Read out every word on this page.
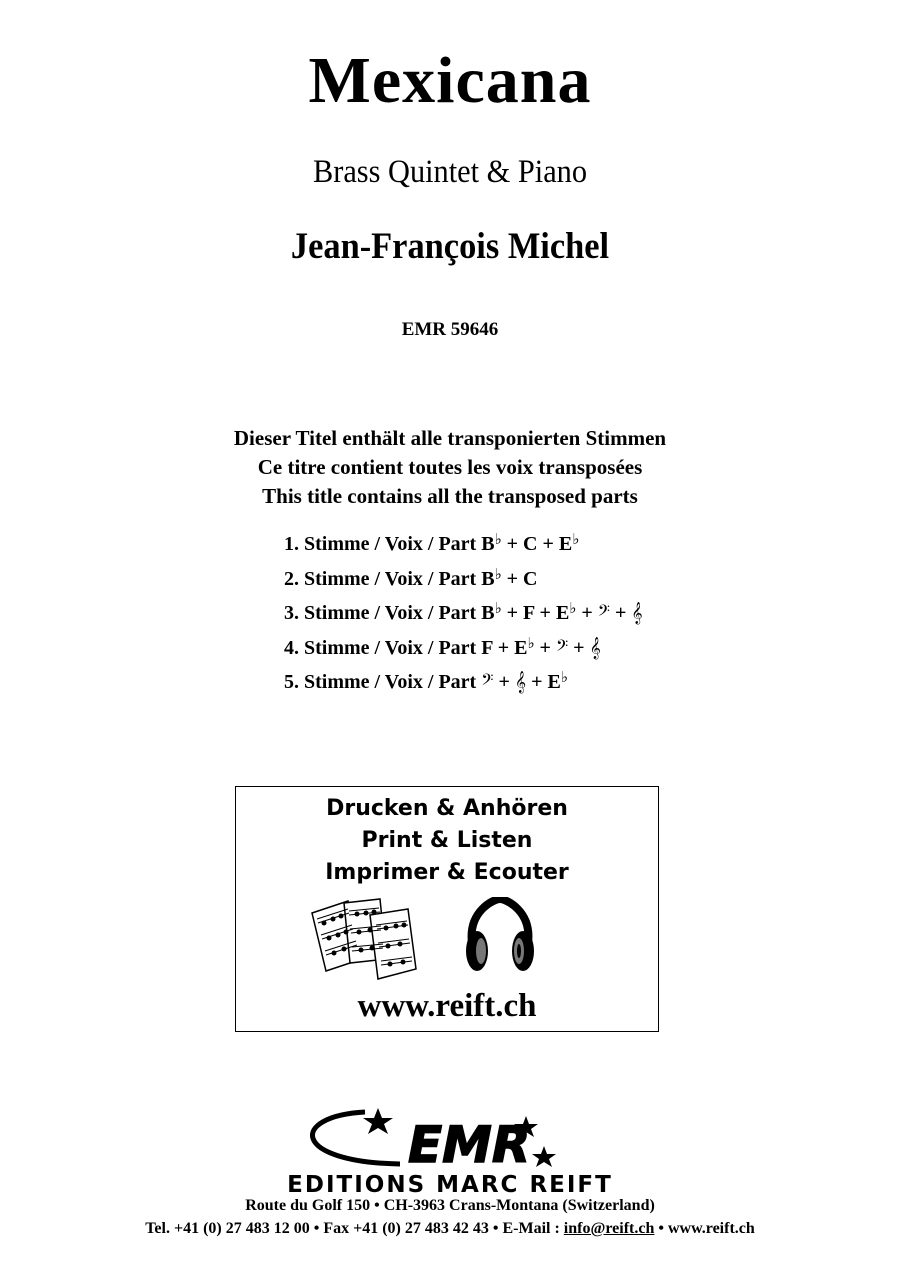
Mexicana
Brass Quintet & Piano
Jean-François Michel
EMR 59646
Dieser Titel enthält alle transponierten Stimmen
Ce titre contient toutes les voix transposées
This title contains all the transposed parts
1. Stimme / Voix / Part B♭ + C + E♭
2. Stimme / Voix / Part B♭ + C
3. Stimme / Voix / Part B♭ + F + E♭ + 𝄢 + 𝄞
4. Stimme / Voix / Part F + E♭ + 𝄢 + 𝄞
5. Stimme / Voix / Part 𝄢 + 𝄞 + E♭
Drucken & Anhören
Print & Listen
Imprimer & Ecouter
www.reift.ch
EMR
EDITIONS MARC REIFT
Route du Golf 150 • CH-3963 Crans-Montana (Switzerland)
Tel. +41 (0) 27 483 12 00 • Fax +41 (0) 27 483 42 43 • E-Mail : info@reift.ch • www.reift.ch
